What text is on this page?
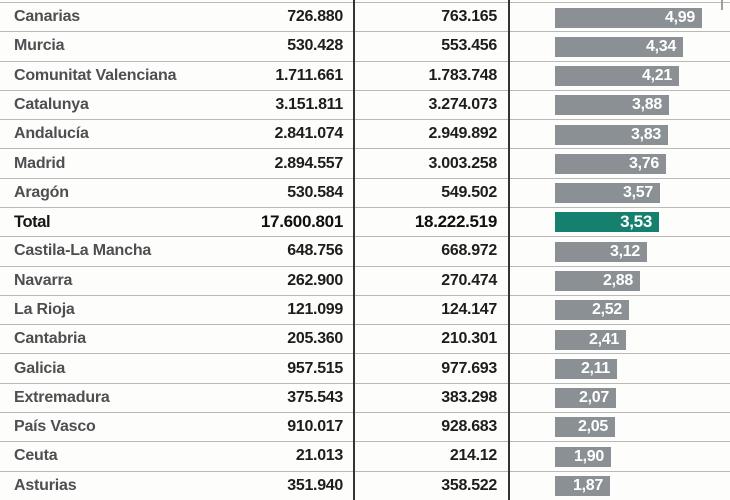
Canarias	726.880	763.165	4,99
Murcia	530.428	553.456	4,34
Comunitat Valenciana	1.711.661	1.783.748	4,21
Catalunya	3.151.811	3.274.073	3,88
Andalucía	2.841.074	2.949.892	3,83
Madrid	2.894.557	3.003.258	3,76
Aragón	530.584	549.502	3,57
Total	17.600.801	18.222.519	3,53
Castila-La Mancha	648.756	668.972	3,12
Navarra	262.900	270.474	2,88
La Rioja	121.099	124.147	2,52
Cantabria	205.360	210.301	2,41
Galicia	957.515	977.693	2,11
Extremadura	375.543	383.298	2,07
País Vasco	910.017	928.683	2,05
Ceuta	21.013	214.12	1,90
Asturias	351.940	358.522	1,87
